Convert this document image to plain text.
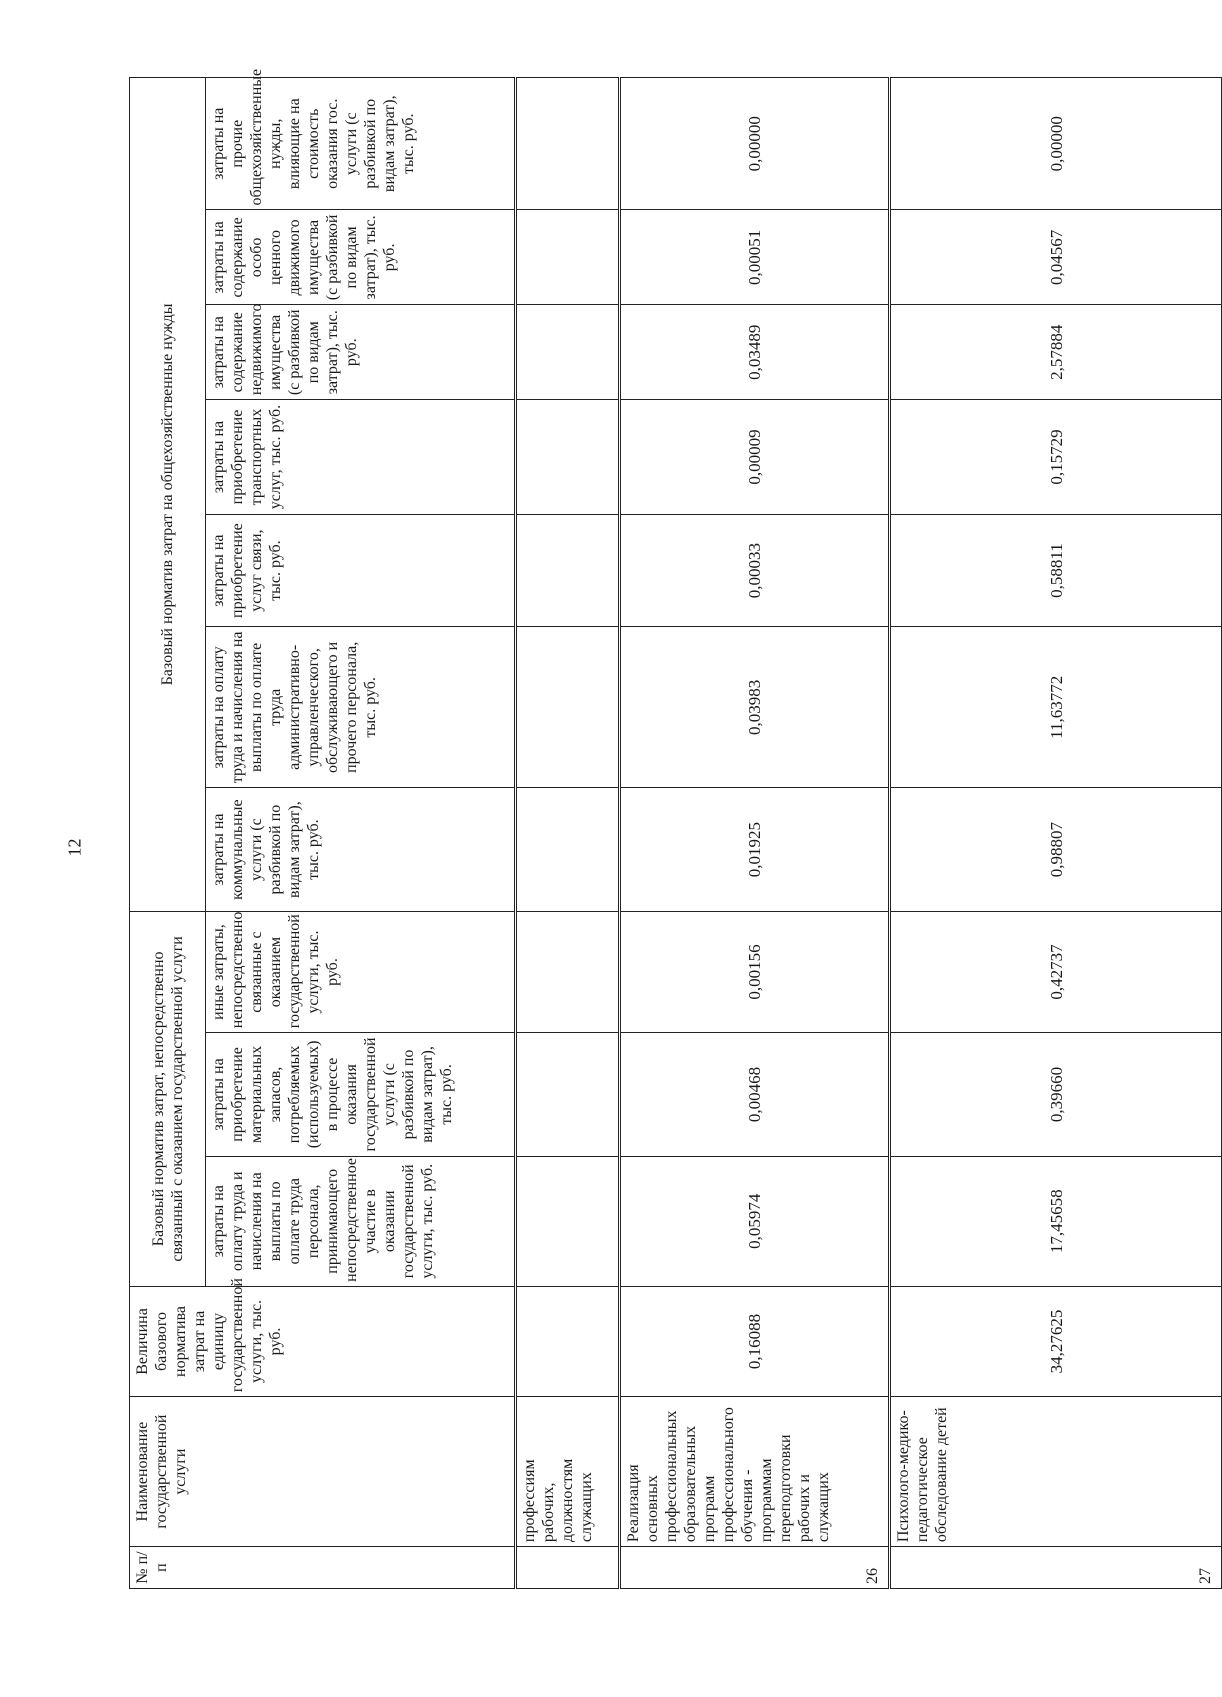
12
№ п/п	Наименование государственной услуги	Величина базового норматива затрат на единицу государственной услуги, тыс. руб.	Базовый норматив затрат, непосредственно связанный с оказанием государственной услуги			Базовый норматив затрат на общехозяйственные нужды						
			затраты на оплату труда и начисления на выплаты по оплате труда персонала, принимающего непосредственное участие в оказании государственной услуги, тыс. руб.	затраты на приобретение материальных запасов, потребляемых (используемых) в процессе оказания государственной услуги (с разбивкой по видам затрат), тыс. руб.	иные затраты, непосредственно связанные с оказанием государственной услуги, тыс. руб.	затраты на коммунальные услуги (с разбивкой по видам затрат), тыс. руб.	затраты на оплату труда и начисления на выплаты по оплате труда административно-управленческого, обслуживающего и прочего персонала, тыс. руб.	затраты на приобретение услуг связи, тыс. руб.	затраты на приобретение транспортных услуг, тыс. руб.	затраты на содержание недвижимого имущества (с разбивкой по видам затрат), тыс. руб.	затраты на содержание особо ценного движимого имущества (с разбивкой по видам затрат), тыс. руб.	затраты на прочие общехозяйственные нужды, влияющие на стоимость оказания гос. услуги (с разбивкой по видам затрат), тыс. руб.
	профессиям рабочих, должностям служащих											
26	Реализация основных профессиональных образовательных программ профессионального обучения - программам переподготовки рабочих и служащих	0,16088	0,05974	0,00468	0,00156	0,01925	0,03983	0,00033	0,00009	0,03489	0,00051	0,00000
27	Психолого-медико-педагогическое обследование детей	34,27625	17,45658	0,39660	0,42737	0,98807	11,63772	0,58811	0,15729	2,57884	0,04567	0,00000
